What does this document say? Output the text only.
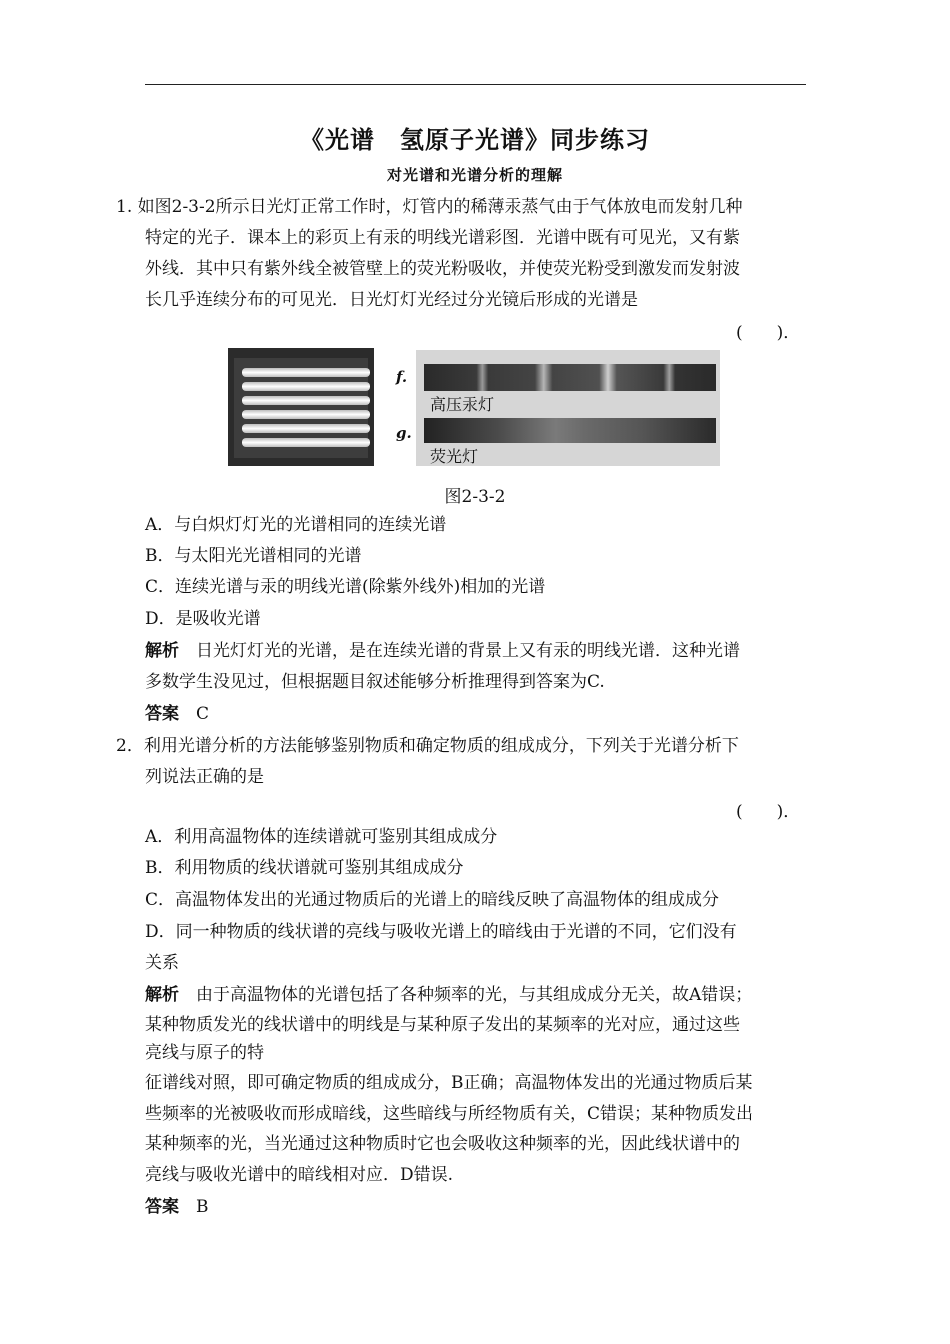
《光谱　氢原子光谱》同步练习
对光谱和光谱分析的理解
1. 如图2-3-2所示日光灯正常工作时，灯管内的稀薄汞蒸气由于气体放电而发射几种
特定的光子．课本上的彩页上有汞的明线光谱彩图．光谱中既有可见光，又有紫
外线．其中只有紫外线全被管壁上的荧光粉吸收，并使荧光粉受到激发而发射波
长几乎连续分布的可见光．日光灯灯光经过分光镜后形成的光谱是
(　　)．
f.
g.
高压汞灯
荧光灯
图2-3-2
A．与白炽灯灯光的光谱相同的连续光谱
B．与太阳光光谱相同的光谱
C．连续光谱与汞的明线光谱(除紫外线外)相加的光谱
D．是吸收光谱
解析　 日光灯灯光的光谱，是在连续光谱的背景上又有汞的明线光谱．这种光谱
多数学生没见过，但根据题目叙述能够分析推理得到答案为C.
答案　 C
2．利用光谱分析的方法能够鉴别物质和确定物质的组成成分，下列关于光谱分析下
列说法正确的是
(　　)．
A．利用高温物体的连续谱就可鉴别其组成成分
B．利用物质的线状谱就可鉴别其组成成分
C．高温物体发出的光通过物质后的光谱上的暗线反映了高温物体的组成成分
D．同一种物质的线状谱的亮线与吸收光谱上的暗线由于光谱的不同，它们没有
关系
解析　 由于高温物体的光谱包括了各种频率的光，与其组成成分无关，故A错误；
某种物质发光的线状谱中的明线是与某种原子发出的某频率的光对应，通过这些
亮线与原子的特
征谱线对照，即可确定物质的组成成分，B正确；高温物体发出的光通过物质后某
些频率的光被吸收而形成暗线，这些暗线与所经物质有关，C错误；某种物质发出
某种频率的光，当光通过这种物质时它也会吸收这种频率的光，因此线状谱中的
亮线与吸收光谱中的暗线相对应．D错误.
答案　 B
